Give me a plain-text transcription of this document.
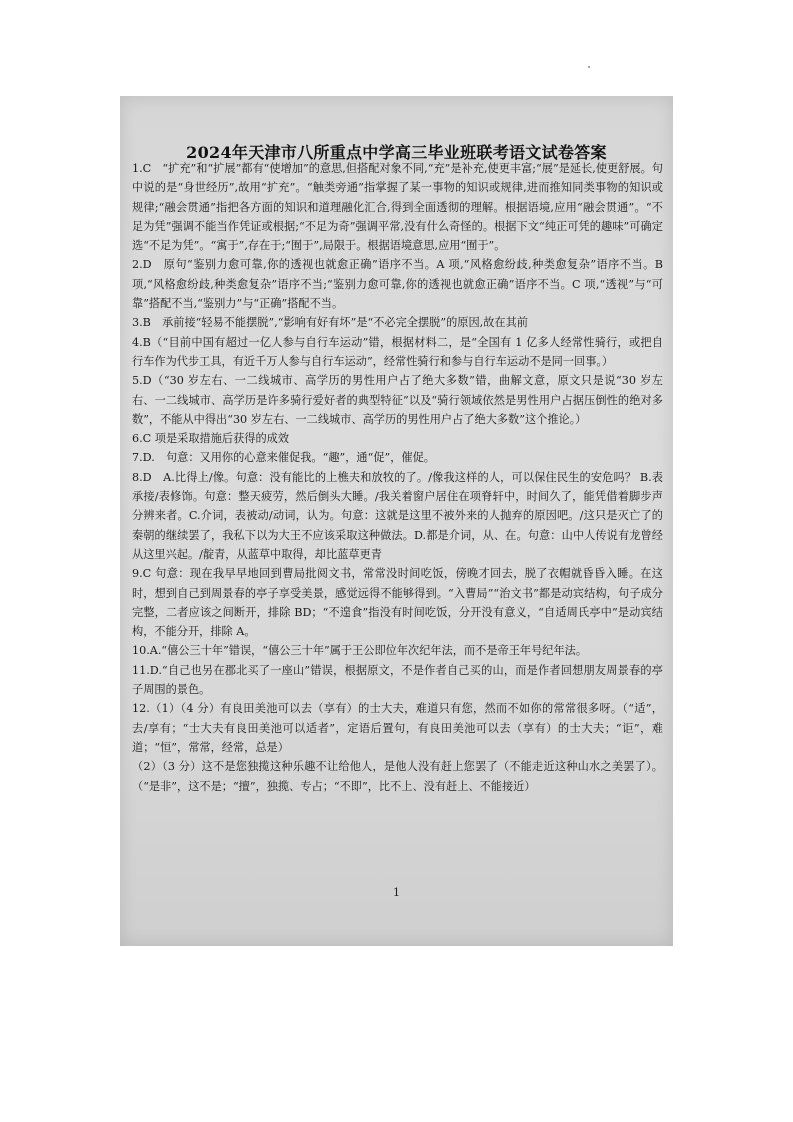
2024年天津市八所重点中学高三毕业班联考语文试卷答案

1.C　“扩充”和“扩展”都有“使增加”的意思,但搭配对象不同,“充”是补充,使更丰富;“展”是延长,使更舒展。句中说的是“身世经历”,故用“扩充”。“触类旁通”指掌握了某一事物的知识或规律,进而推知同类事物的知识或规律;“融会贯通”指把各方面的知识和道理融化汇合,得到全面透彻的理解。根据语境,应用“融会贯通”。“不足为凭”强调不能当作凭证或根据;“不足为奇”强调平常,没有什么奇怪的。根据下文“纯正可凭的趣味”可确定选“不足为凭”。“寓于”,存在于;“囿于”,局限于。根据语境意思,应用“囿于”。

2.D　原句“鉴别力愈可靠,你的透视也就愈正确”语序不当。A 项,“风格愈纷歧,种类愈复杂”语序不当。B 项,“风格愈纷歧,种类愈复杂”语序不当;“鉴别力愈可靠,你的透视也就愈正确”语序不当。C 项,“透视”与“可靠”搭配不当,“鉴别力”与“正确”搭配不当。

3.B　承前接“轻易不能摆脱”,“影响有好有坏”是“不必完全摆脱”的原因,故在其前

4.B（“目前中国有超过一亿人参与自行车运动”错，根据材料二，是“全国有 1 亿多人经常性骑行，或把自行车作为代步工具，有近千万人参与自行车运动”，经常性骑行和参与自行车运动不是同一回事。）

5.D（“30 岁左右、一二线城市、高学历的男性用户占了绝大多数”错，曲解文意，原文只是说“30 岁左右、一二线城市、高学历是许多骑行爱好者的典型特征”以及“骑行领域依然是男性用户占据压倒性的绝对多数”，不能从中得出“30 岁左右、一二线城市、高学历的男性用户占了绝大多数”这个推论。）

6.C 项是采取措施后获得的成效

7.D.　句意：又用你的心意来催促我。“趣”，通“促”，催促。

8.D　A.比得上/像。句意：没有能比的上樵夫和放牧的了。/像我这样的人，可以保住民生的安危吗？ B.表承接/表修饰。句意：整天疲劳，然后倒头大睡。/我关着窗户居住在项脊轩中，时间久了，能凭借着脚步声分辨来者。C.介词，表被动/动词，认为。句意：这就是这里不被外来的人抛弃的原因吧。/这只是灭亡了的秦朝的继续罢了，我私下以为大王不应该采取这种做法。D.都是介词，从、在。句意：山中人传说有龙曾经从这里兴起。/靛青，从蓝草中取得，却比蓝草更青

9.C 句意：现在我早早地回到曹局批阅文书，常常没时间吃饭，傍晚才回去，脱了衣帽就昏昏入睡。在这时，想到自己到周景春的亭子享受美景，感觉远得不能够得到。“入曹局”“治文书”都是动宾结构，句子成分完整，二者应该之间断开，排除 BD；“不遑食”指没有时间吃饭，分开没有意义，“自适周氏亭中”是动宾结构，不能分开，排除 A。

10.A.“僖公三十年”错误，“僖公三十年”属于王公即位年次纪年法，而不是帝王年号纪年法。

11.D.“自己也另在郡北买了一座山”错误，根据原文，不是作者自己买的山，而是作者回想朋友周景春的亭子周围的景色。

12.（1）（4 分）有良田美池可以去（享有）的士大夫，难道只有您，然而不如你的常常很多呀。（“适”，去/享有；“士大夫有良田美池可以适者”，定语后置句，有良田美池可以去（享有）的士大夫；“讵”，难道；“恒”，常常，经常，总是）

（2）（3 分）这不是您独揽这种乐趣不让给他人，是他人没有赶上您罢了（不能走近这种山水之美罢了）。（“是非”，这不是；“擅”，独揽、专占；“不即”，比不上、没有赶上、不能接近）

1
